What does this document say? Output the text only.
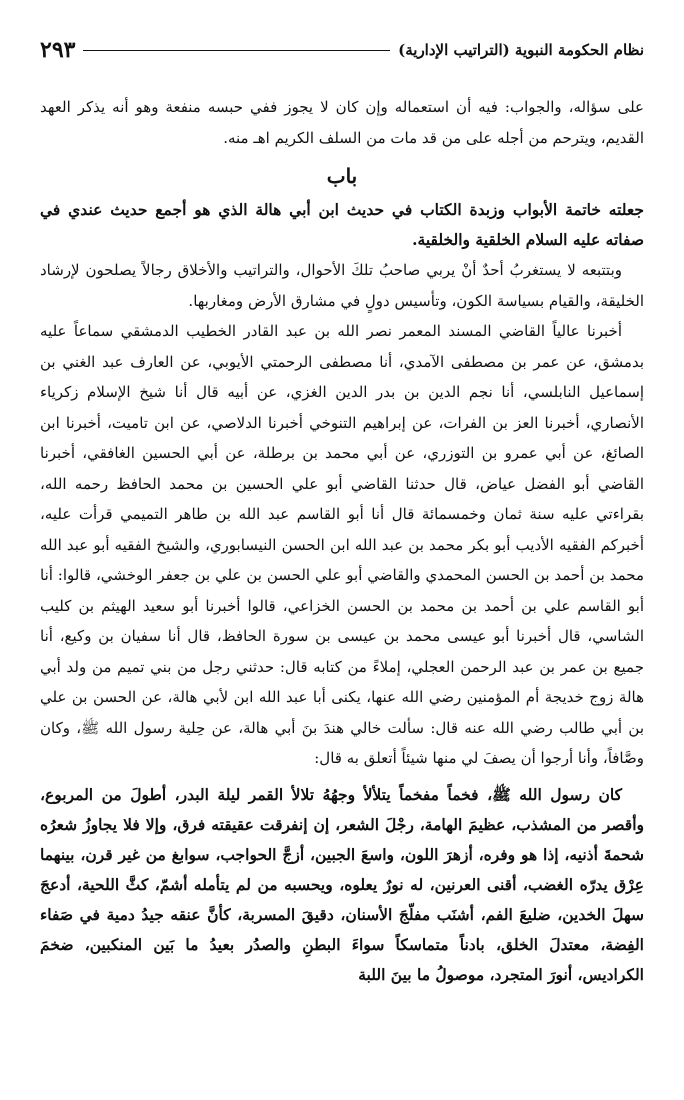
نظام الحكومة النبوية (التراتيب الإدارية)
٢٩٣

على سؤاله، والجواب: فيه أن استعماله وإن كان لا يجوز ففي حبسه منفعة وهو أنه يذكر العهد القديم، ويترحم من أجله على من قد مات من السلف الكريم اهـ منه.

باب

جعلته خاتمة الأبواب وزبدة الكتاب في حديث ابن أبي هالة الذي هو أجمع حديث عندي في صفاته عليه السلام الخلقية والخلقية.

وبتتبعه لا يستغربُ أحدٌ أنْ يربي صاحبُ تلكَ الأحوال، والتراتيب والأخلاق رجالاً يصلحون لإرشاد الخليقة، والقيام بسياسة الكون، وتأسيس دولٍ في مشارق الأرض ومغاربها.

أخبرنا عالياً القاضي المسند المعمر نصر الله بن عبد القادر الخطيب الدمشقي سماعاً عليه بدمشق، عن عمر بن مصطفى الآمدي، أنا مصطفى الرحمتي الأيوبي، عن العارف عبد الغني بن إسماعيل النابلسي، أنا نجم الدين بن بدر الدين الغزي، عن أبيه قال أنا شيخ الإسلام زكرياء الأنصاري، أخبرنا العز بن الفرات، عن إبراهيم التنوخي أخبرنا الدلاصي، عن ابن تاميت، أخبرنا ابن الصائغ، عن أبي عمرو بن التوزري، عن أبي محمد بن برطلة، عن أبي الحسين الغافقي، أخبرنا القاضي أبو الفضل عياض، قال حدثنا القاضي أبو علي الحسين بن محمد الحافظ رحمه الله، بقراءتي عليه سنة ثمان وخمسمائة قال أنا أبو القاسم عبد الله بن طاهر التميمي قرأت عليه، أخبركم الفقيه الأديب أبو بكر محمد بن عبد الله ابن الحسن النيسابوري، والشيخ الفقيه أبو عبد الله محمد بن أحمد بن الحسن المحمدي والقاضي أبو علي الحسن بن علي بن جعفر الوخشي، قالوا: أنا أبو القاسم علي بن أحمد بن محمد بن الحسن الخزاعي، قالوا أخبرنا أبو سعيد الهيثم بن كليب الشاسي، قال أخبرنا أبو عيسى محمد بن عيسى بن سورة الحافظ، قال أنا سفيان بن وكيع، أنا جميع بن عمر بن عبد الرحمن العجلي، إملاءً من كتابه قال: حدثني رجل من بني تميم من ولد أبي هالة زوج خديجة أم المؤمنين رضي الله عنها، يكنى أبا عبد الله ابن لأبي هالة، عن الحسن بن علي بن أبي طالب رضي الله عنه قال: سألت خالي هندَ بنَ أبي هالة، عن حِلية رسول الله ﷺ، وكان وصَّافاً، وأنا أرجوا أن يصفَ لي منها شيئاً أتعلق به قال:

كان رسول الله ﷺ، فخماً مفخماً يتلألأ وجهُهُ تلالأ القمر ليلة البدر، أطولَ من المربوع، وأقصر من المشذب، عظيمَ الهامة، رجْلَ الشعر، إن إنفرقت عقيقته فرق، وإلا فلا يجاوزُ شعرُه شحمةَ أذنيه، إذا هو وفره، أزهرَ اللون، واسعَ الجبين، أزجَّ الحواجب، سوابغ من غير قرن، بينهما عِرْق يدرّه الغضب، أقنى العرنين، له نورٌ يعلوه، ويحسبه من لم يتأمله أشمّ، كثَّ اللحية، أدعجَ سهلَ الخدين، ضليعَ الفم، أشنَب مفلّجَ الأسنان، دقيقَ المسربة، كأنَّ عنقه جيدُ دمية في صَفاء الفِضة، معتدلَ الخلق، بادناً متماسكاً سواءَ البطنِ والصدُر بعيدُ ما بَين المنكبين، ضخمَ الكراديس، أنورَ المتجرد، موصولُ ما بينَ اللبة
